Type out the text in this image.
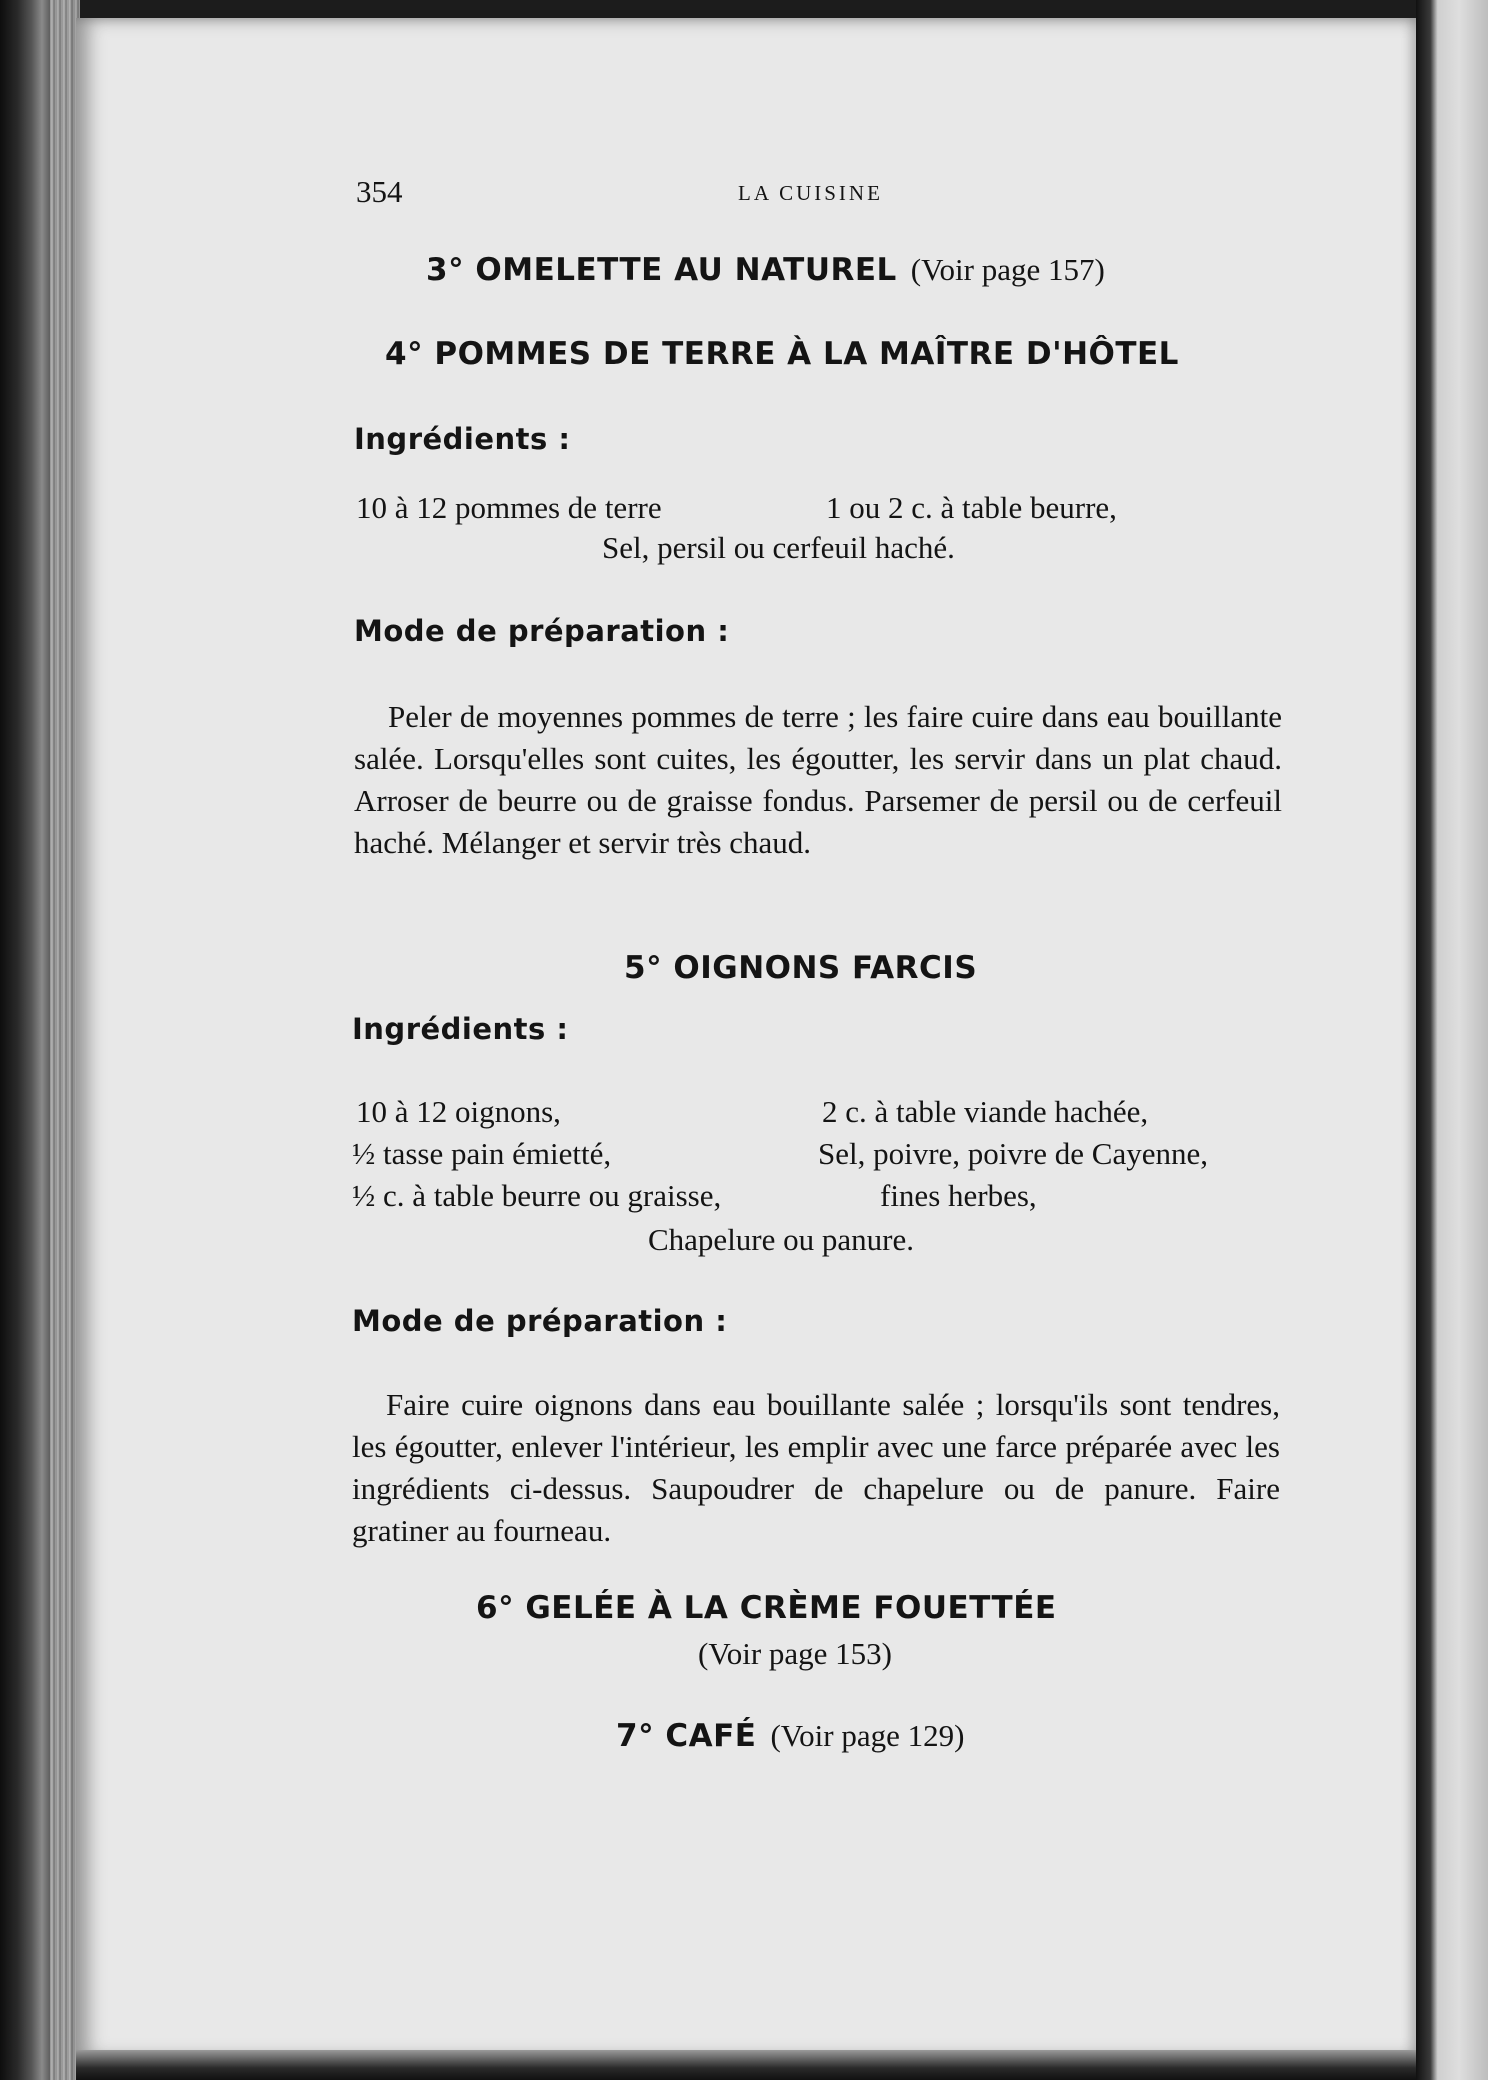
354	LA CUISINE
3° OMELETTE AU NATUREL (Voir page 157)
4° POMMES DE TERRE À LA MAÎTRE D'HÔTEL
Ingrédients :
10 à 12 pommes de terre	1 ou 2 c. à table beurre,
Sel, persil ou cerfeuil haché.
Mode de préparation :
Peler de moyennes pommes de terre ; les faire cuire dans eau bouillante salée. Lorsqu'elles sont cuites, les égoutter, les servir dans un plat chaud. Arroser de beurre ou de graisse fondus. Parsemer de persil ou de cerfeuil haché. Mélanger et servir très chaud.
5° OIGNONS FARCIS
Ingrédients :
10 à 12 oignons,	2 c. à table viande hachée,
½ tasse pain émietté,	Sel, poivre, poivre de Cayenne,
½ c. à table beurre ou graisse,	fines herbes,
Chapelure ou panure.
Mode de préparation :
Faire cuire oignons dans eau bouillante salée ; lorsqu'ils sont tendres, les égoutter, enlever l'intérieur, les emplir avec une farce préparée avec les ingrédients ci-dessus. Saupoudrer de chapelure ou de panure. Faire gratiner au fourneau.
6° GELÉE À LA CRÈME FOUETTÉE
(Voir page 153)
7° CAFÉ (Voir page 129)
